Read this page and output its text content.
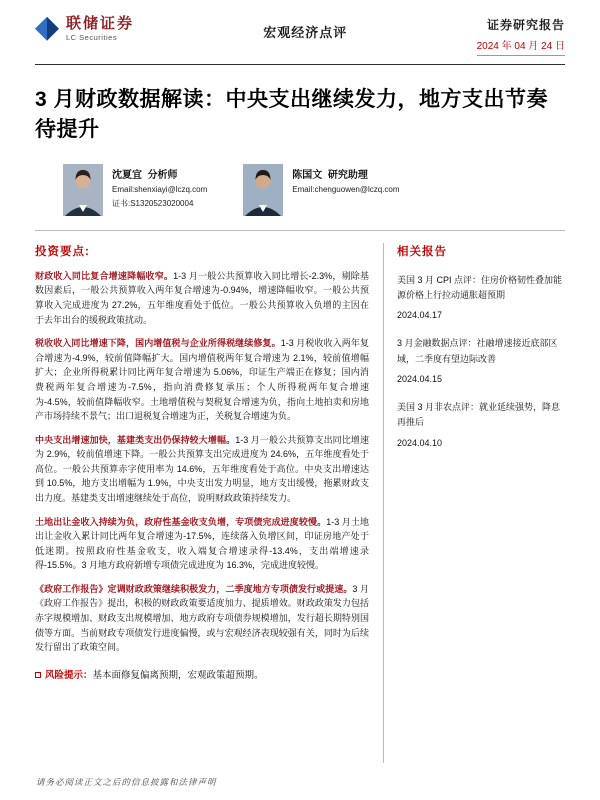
联储证券
LC Securities	宏观经济点评	证券研究报告
2024 年 04 月 24 日
3 月财政数据解读：中央支出继续发力，地方支出节奏待提升
沈夏宜 分析师
Email:shenxiayi@lczq.com
证书:S1320523020004
陈国文 研究助理
Email:chenguowen@lczq.com
投资要点:

财政收入同比复合增速降幅收窄。1-3 月一般公共预算收入同比增长-2.3%，剔除基数因素后，一般公共预算收入两年复合增速为-0.94%，增速降幅收窄。一般公共预算收入完成进度为 27.2%，五年维度看处于低位。一般公共预算收入负增的主因在于去年出台的缓税政策扰动。

税收收入同比增速下降，国内增值税与企业所得税继续修复。1-3 月税收收入两年复合增速为-4.9%，较前值降幅扩大。国内增值税两年复合增速为 2.1%，较前值增幅扩大；企业所得税累计同比两年复合增速为 5.06%，印证生产端正在修复；国内消费税两年复合增速为-7.5%，指向消费修复承压；个人所得税两年复合增速为-4.5%，较前值降幅收窄。土地增值税与契税复合增速为负，指向土地拍卖和房地产市场持续不景气；出口退税复合增速为正，关税复合增速为负。

中央支出增速加快，基建类支出仍保持较大增幅。1-3 月一般公共预算支出同比增速为 2.9%，较前值增速下降。一般公共预算支出完成进度为 24.6%，五年维度看处于高位。一般公共预算赤字使用率为 14.6%，五年维度看处于高位。中央支出增速达到 10.5%，地方支出增幅为 1.9%，中央支出发力明显，地方支出缓慢，拖累财政支出力度。基建类支出增速继续处于高位，说明财政政策持续发力。

土地出让金收入持续为负，政府性基金收支负增，专项债完成进度较慢。1-3 月土地出让金收入累计同比两年复合增速为-17.5%，连续落入负增区间，印证房地产处于低迷期。按照政府性基金收支，收入端复合增速录得-13.4%，支出端增速录得-15.5%。3 月地方政府新增专项债完成进度为 16.3%，完成进度较慢。

《政府工作报告》定调财政政策继续积极发力，二季度地方专项债发行或提速。3 月《政府工作报告》提出，积极的财政政策要适度加力、提质增效。财政政策发力包括赤字规模增加、财政支出规模增加、地方政府专项债券规模增加，发行超长期特别国债等方面。当前财政专项债发行进度偏慢，或与宏观经济表现较强有关，同时为后续发行留出了政策空间。

风险提示：基本面修复偏离预期，宏观政策超预期。
相关报告
美国 3 月 CPI 点评：住房价格韧性叠加能源价格上行拉动通胀超预期
2024.04.17
3 月金融数据点评：社融增速接近底部区域，二季度有望边际改善
2024.04.15
美国 3 月非农点评：就业延续强势，降息再推后
2024.04.10
请务必阅读正文之后的信息披露和法律声明
